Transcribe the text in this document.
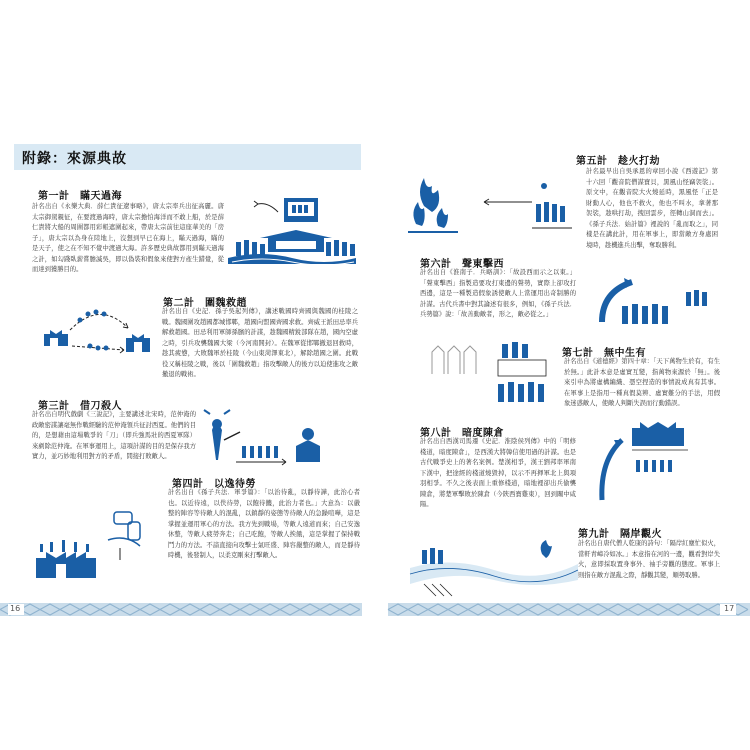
附錄：來源典故
第一計　瞞天過海
計名出自《永樂大典．薛仁貴征遼事略》，唐太宗率兵出征高麗。唐太宗御駕親征，在要渡過海時，唐太宗擔怕海洋而不敢上船，於是薛仁貴將大船的周圍都用彩帳遮圍起來，帶唐太宗前往這座華美的「房子」，唐太宗以為身在陸地上，沒想到早已在海上，瞞天過海，瞞的是天子，使之在不知不覺中渡過大海。許多歷史典故都用到瞞天過海之計，如勾踐臥薪嘗膽滅吳，即以偽裝和假象來使對方產生錯覺，從而達到獲勝目的。
第二計　圍魏救趙
計名出自《史記．孫子吳起列傳》，講述戰國時齊國與魏國的桂陵之戰。魏國圍攻趙國都城邯鄲，趙國向盟國齊國求救。齊威王派田忌率兵解救趙國。田忌利用軍師孫臏的計謀，趁魏國精銳部隊在趙，國內空虛之時，引兵攻襲魏國大梁（今河南開封）。在魏軍從邯鄲撤退回救時，趁其疲憊，大敗魏軍於桂陵（今山東菏澤東北），解除趙國之圍。此戰役又稱桂陵之戰，後以「圍魏救趙」指攻擊敵人的後方以迫使進攻之敵撤退的戰術。
第三計　借刀殺人
計名出自明代戲劇《三說記》，主要講述北宋時，范仲淹的政敵密謀讓毫無作戰經驗的范仲淹領兵征討西夏。他們的目的，是想藉由這場戰爭的「刀」（即兵強馬壯的西夏軍隊）來剷除范仲淹。在軍事運用上，這項計謀的目的是保存我方實力，並巧妙地利用對方的矛盾，間接打敗敵人。
第四計　以逸待勞
計名出自《孫子兵法．軍爭篇》：「以治待亂，以靜待譁，此治心者也。以近待遠，以佚待勞，以飽待饑，此治力者也。」大意為：以嚴整的陣容等待敵人的混亂，以鎮靜的姿態等待敵人的急躁喧嘩，這是掌握並運用軍心的方法。我方先到戰場，等敵人遠道而來；自己安逸休整，等敵人疲勞奔走；自己吃飽，等敵人挨餓，這是掌握了保持戰鬥力的方法。不諳直接向攻擊士氣旺盛、陣容嚴整的敵人，而是靜待時機，後發制人，以柔克剛來打擊敵人。
第五計　趁火打劫
計名最早出自吳承恩的章回小說《西遊記》第十六回「觀音院僧謀寶貝，黑風山怪竊袈裟」。原文中，在觀音院大火燒延時，黑風怪「正是財動人心，他也不救火，他也不叫水，拿著那袈裟，趁哄打劫，拽回雲步，徑轉山洞而去」。《孫子兵法．始計篇》裡說的「亂而取之」，同樣是在講此計，用在軍事上，即當敵方身處困境時，趁機進兵出擊，奪取勝利。
第六計　聲東擊西
計名出自《淮南子．兵略訓》：「故設西而示之以東。」「聲東擊西」指製造要攻打東邊的聲勢，實際上卻攻打西邊，這是一種製造假象誘使敵人上當運用出奇制勝的計謀。古代兵書中對其論述有很多，例如，《孫子兵法．兵勢篇》說：「故善動敵者，形之，敵必從之。」
第七計　無中生有
計名出自《道德經》第四十章：「天下萬物生於有，有生於無。」此計本意是虛實互變，指萬物來源於「無」。後來引申為將虛構編織、憑空捏造的事情說成真有其事。在軍事上是指用一種真假莫辨、虛實難分的手法，用假象迷惑敵人，使敵人判斷失誤而行動錯誤。
第八計　暗度陳倉
計名出自西漢司馬遷《史記．淮陰侯列傳》中的「明修棧道，暗度陳倉」，是西漢大將韓信使用過的計謀。也是古代戰爭史上的著名案例。楚漢相爭，漢王劉邦率軍南下漢中，把途經的棧道燒毀掉，以示不再揮軍北上與項羽相爭。不久之後表面上重修棧道，暗地裡卻出兵偷襲陳倉，將楚軍擊敗於陳倉（今陝西寶雞東），回到關中咸陽。
第九計　隔岸觀火
計名出自唐代僧人乾康的詩句：「隔岸紅塵忙似火，當軒青嶂冷如冰。」本意指在河的一邊，觀看對岸失火，意即採取置身事外、袖手旁觀的態度。軍事上則指在敵方混亂之際，靜觀其變，順勢取勝。
16	17
